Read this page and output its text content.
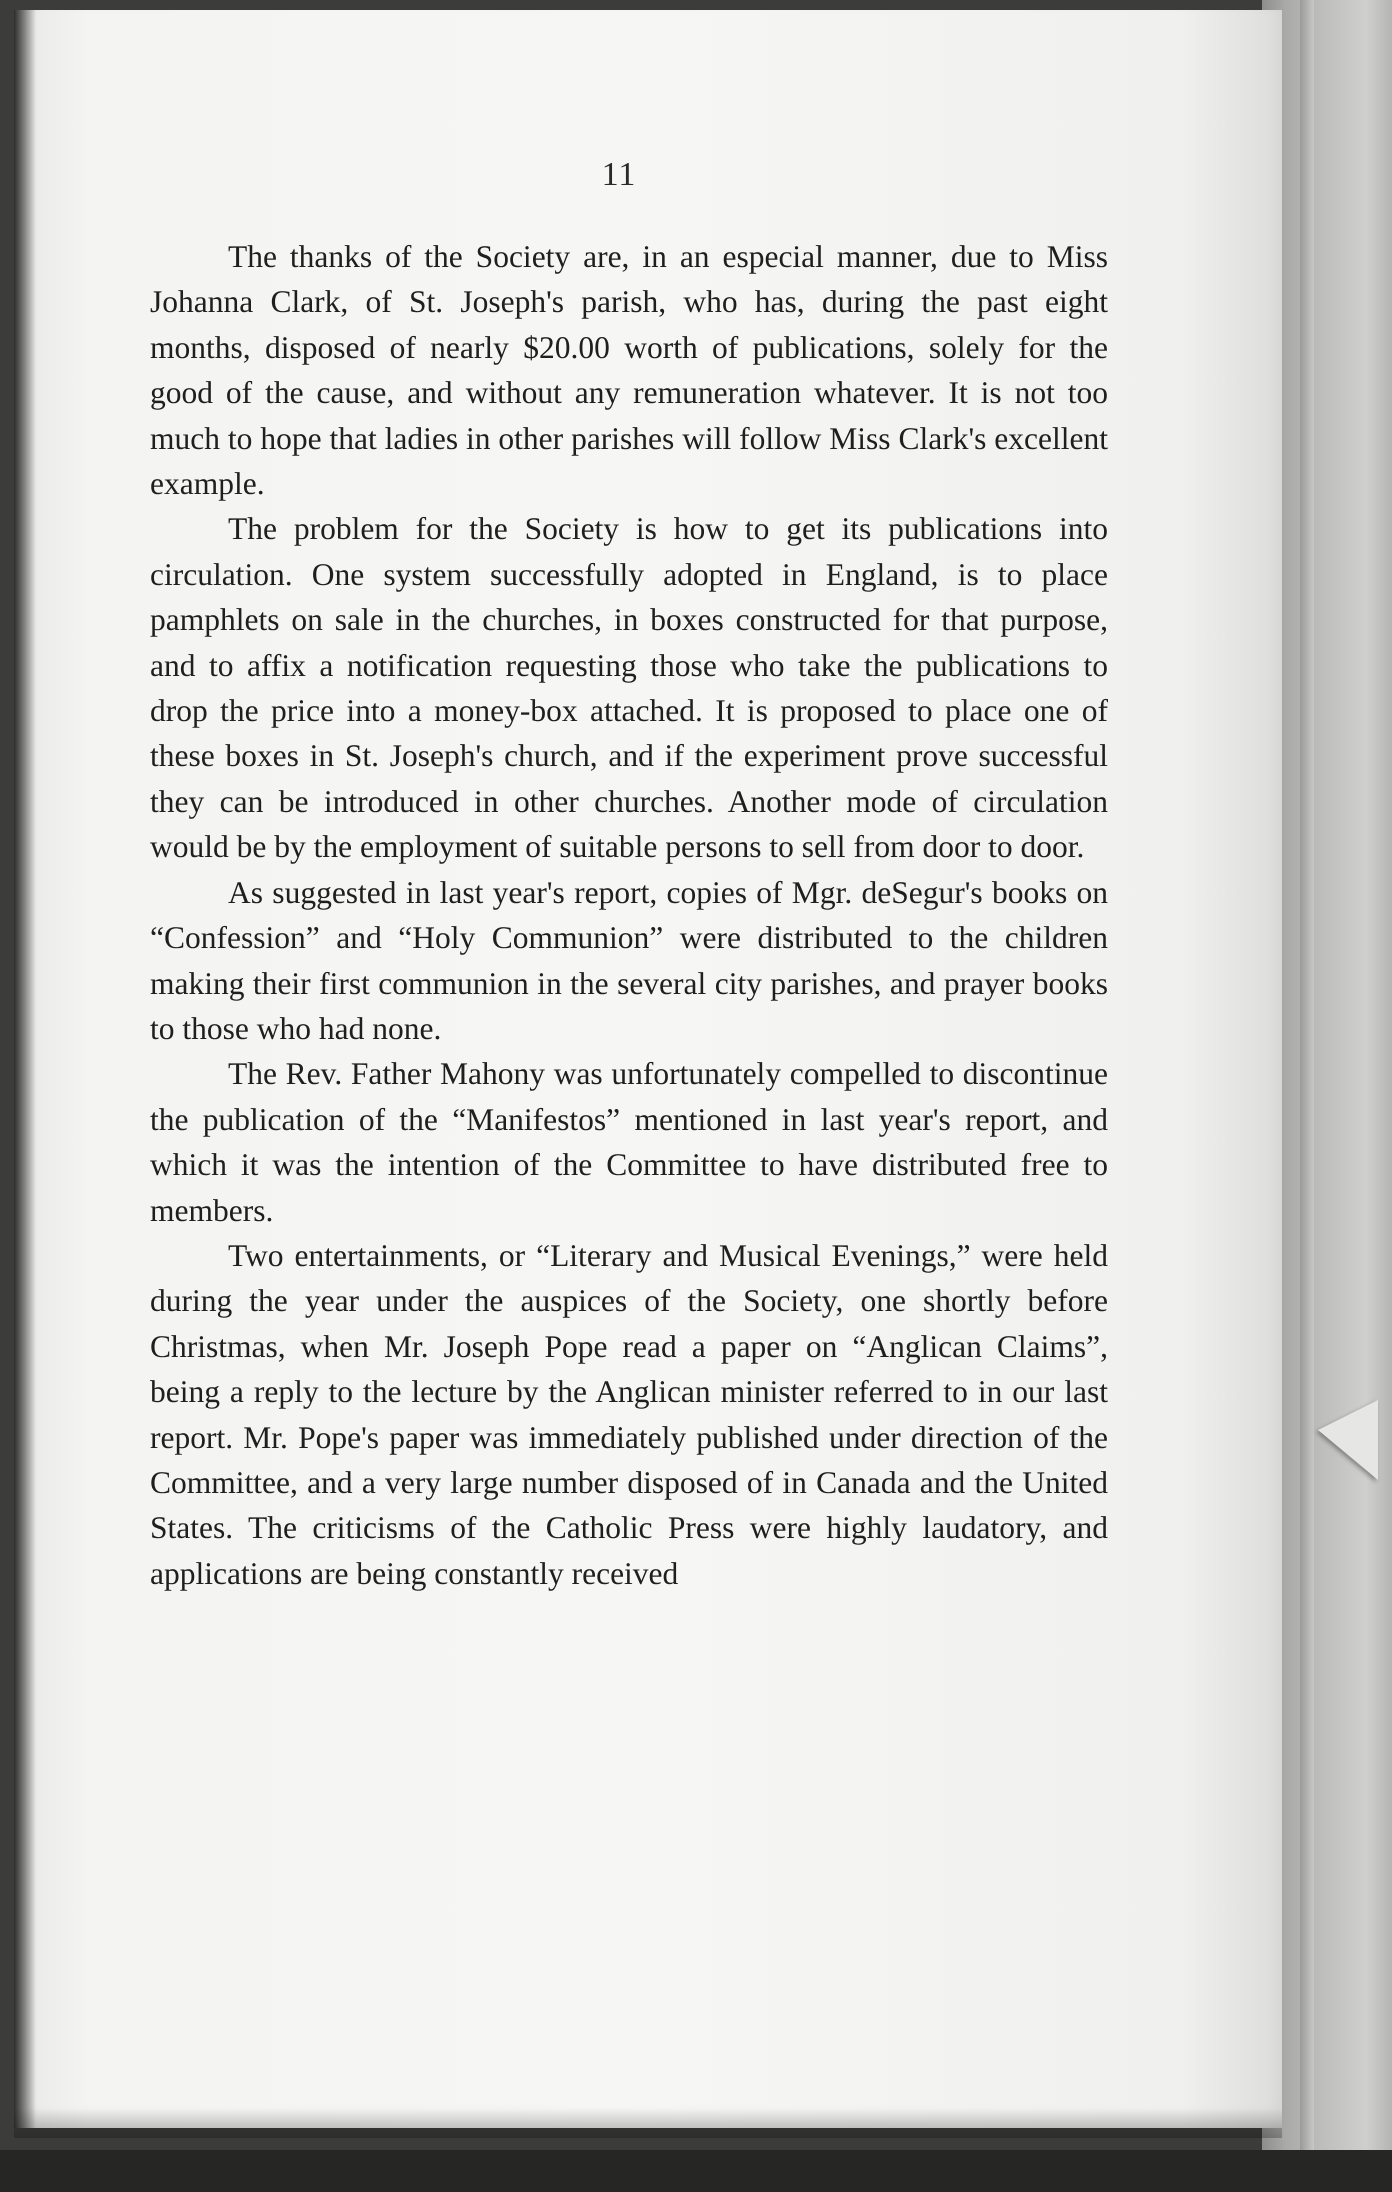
11

The thanks of the Society are, in an especial manner, due to Miss Johanna Clark, of St. Joseph's parish, who has, during the past eight months, disposed of nearly $20.00 worth of publications, solely for the good of the cause, and without any remuneration whatever. It is not too much to hope that ladies in other parishes will follow Miss Clark's excellent example.

The problem for the Society is how to get its publications into circulation. One system successfully adopted in England, is to place pamphlets on sale in the churches, in boxes constructed for that purpose, and to affix a notification requesting those who take the publications to drop the price into a money-box attached. It is proposed to place one of these boxes in St. Joseph's church, and if the experiment prove successful they can be introduced in other churches. Another mode of circulation would be by the employment of suitable persons to sell from door to door.

As suggested in last year's report, copies of Mgr. deSegur's books on “Confession” and “Holy Communion” were distributed to the children making their first communion in the several city parishes, and prayer books to those who had none.

The Rev. Father Mahony was unfortunately compelled to discontinue the publication of the “Manifestos” mentioned in last year's report, and which it was the intention of the Committee to have distributed free to members.

Two entertainments, or “Literary and Musical Evenings,” were held during the year under the auspices of the Society, one shortly before Christmas, when Mr. Joseph Pope read a paper on “Anglican Claims”, being a reply to the lecture by the Anglican minister referred to in our last report. Mr. Pope's paper was immediately published under direction of the Committee, and a very large number disposed of in Canada and the United States. The criticisms of the Catholic Press were highly laudatory, and applications are being constantly received
